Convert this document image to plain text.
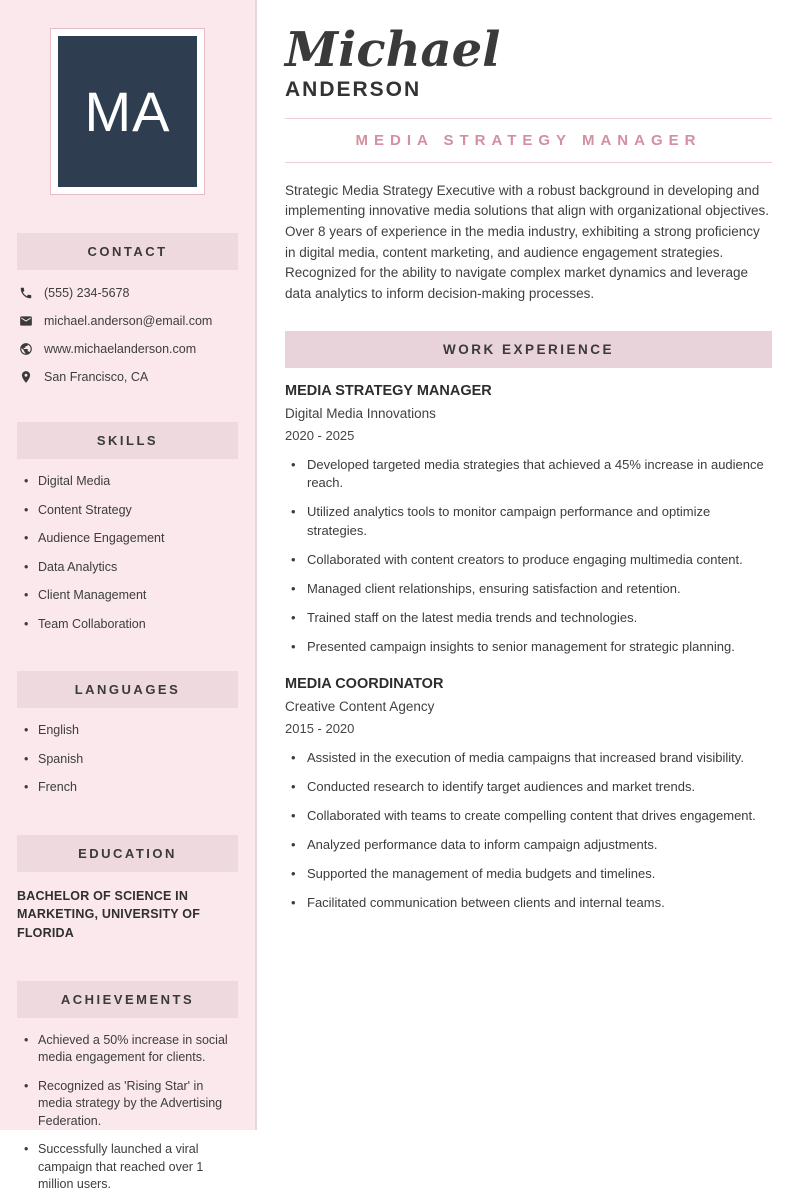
MA
CONTACT
(555) 234-5678
michael.anderson@email.com
www.michaelanderson.com
San Francisco, CA
SKILLS
• Digital Media
• Content Strategy
• Audience Engagement
• Data Analytics
• Client Management
• Team Collaboration
LANGUAGES
• English
• Spanish
• French
EDUCATION
BACHELOR OF SCIENCE IN MARKETING, UNIVERSITY OF FLORIDA
ACHIEVEMENTS
• Achieved a 50% increase in social media engagement for clients.
• Recognized as 'Rising Star' in media strategy by the Advertising Federation.
• Successfully launched a viral campaign that reached over 1 million users.
Michael
ANDERSON
MEDIA STRATEGY MANAGER

Strategic Media Strategy Executive with a robust background in developing and implementing innovative media solutions that align with organizational objectives. Over 8 years of experience in the media industry, exhibiting a strong proficiency in digital media, content marketing, and audience engagement strategies. Recognized for the ability to navigate complex market dynamics and leverage data analytics to inform decision-making processes.

WORK EXPERIENCE
MEDIA STRATEGY MANAGER
Digital Media Innovations
2020 - 2025
• Developed targeted media strategies that achieved a 45% increase in audience reach.
• Utilized analytics tools to monitor campaign performance and optimize strategies.
• Collaborated with content creators to produce engaging multimedia content.
• Managed client relationships, ensuring satisfaction and retention.
• Trained staff on the latest media trends and technologies.
• Presented campaign insights to senior management for strategic planning.
MEDIA COORDINATOR
Creative Content Agency
2015 - 2020
• Assisted in the execution of media campaigns that increased brand visibility.
• Conducted research to identify target audiences and market trends.
• Collaborated with teams to create compelling content that drives engagement.
• Analyzed performance data to inform campaign adjustments.
• Supported the management of media budgets and timelines.
• Facilitated communication between clients and internal teams.
